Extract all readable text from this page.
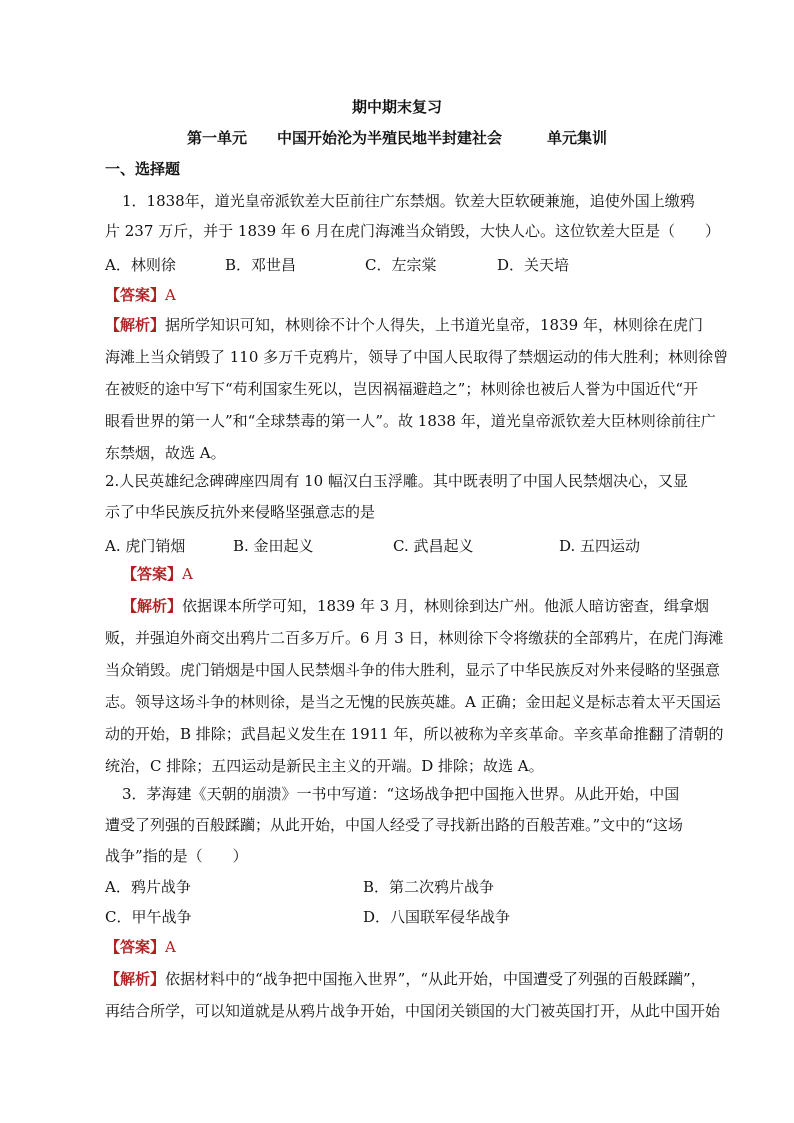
期中期末复习
第一单元　　中国开始沦为半殖民地半封建社会　　　单元集训
一、选择题
1．1838年，道光皇帝派钦差大臣前往广东禁烟。钦差大臣软硬兼施，追使外国上缴鸦
片 237 万斤，并于 1839 年 6 月在虎门海滩当众销毁，大快人心。这位钦差大臣是（　　）
A．林则徐	B．邓世昌	C．左宗棠	D．关天培
【答案】A
【解析】据所学知识可知，林则徐不计个人得失，上书道光皇帝，1839 年，林则徐在虎门
海滩上当众销毁了 110 多万千克鸦片，领导了中国人民取得了禁烟运动的伟大胜利；林则徐曾
在被贬的途中写下“苟利国家生死以，岂因祸福避趋之”；林则徐也被后人誉为中国近代“开
眼看世界的第一人”和“全球禁毒的第一人”。故 1838 年，道光皇帝派钦差大臣林则徐前往广
东禁烟，故选 A。
2.人民英雄纪念碑碑座四周有 10 幅汉白玉浮雕。其中既表明了中国人民禁烟决心，又显
示了中华民族反抗外来侵略坚强意志的是
A. 虎门销烟	B. 金田起义	C. 武昌起义	D. 五四运动
【答案】A
【解析】依据课本所学可知，1839 年 3 月，林则徐到达广州。他派人暗访密查，缉拿烟
贩，并强迫外商交出鸦片二百多万斤。6 月 3 日，林则徐下令将缴获的全部鸦片，在虎门海滩
当众销毁。虎门销烟是中国人民禁烟斗争的伟大胜利，显示了中华民族反对外来侵略的坚强意
志。领导这场斗争的林则徐，是当之无愧的民族英雄。A 正确；金田起义是标志着太平天国运
动的开始，B 排除；武昌起义发生在 1911 年，所以被称为辛亥革命。辛亥革命推翻了清朝的
统治，C 排除；五四运动是新民主主义的开端。D 排除；故选 A。
3．茅海建《天朝的崩溃》一书中写道：“这场战争把中国拖入世界。从此开始，中国
遭受了列强的百般蹂躏；从此开始，中国人经受了寻找新出路的百般苦难。”文中的“这场
战争”指的是（　　）
A．鸦片战争	B．第二次鸦片战争
C．甲午战争	D．八国联军侵华战争
【答案】A
【解析】依据材料中的“战争把中国拖入世界”，“从此开始，中国遭受了列强的百般蹂躏”，
再结合所学，可以知道就是从鸦片战争开始，中国闭关锁国的大门被英国打开，从此中国开始
